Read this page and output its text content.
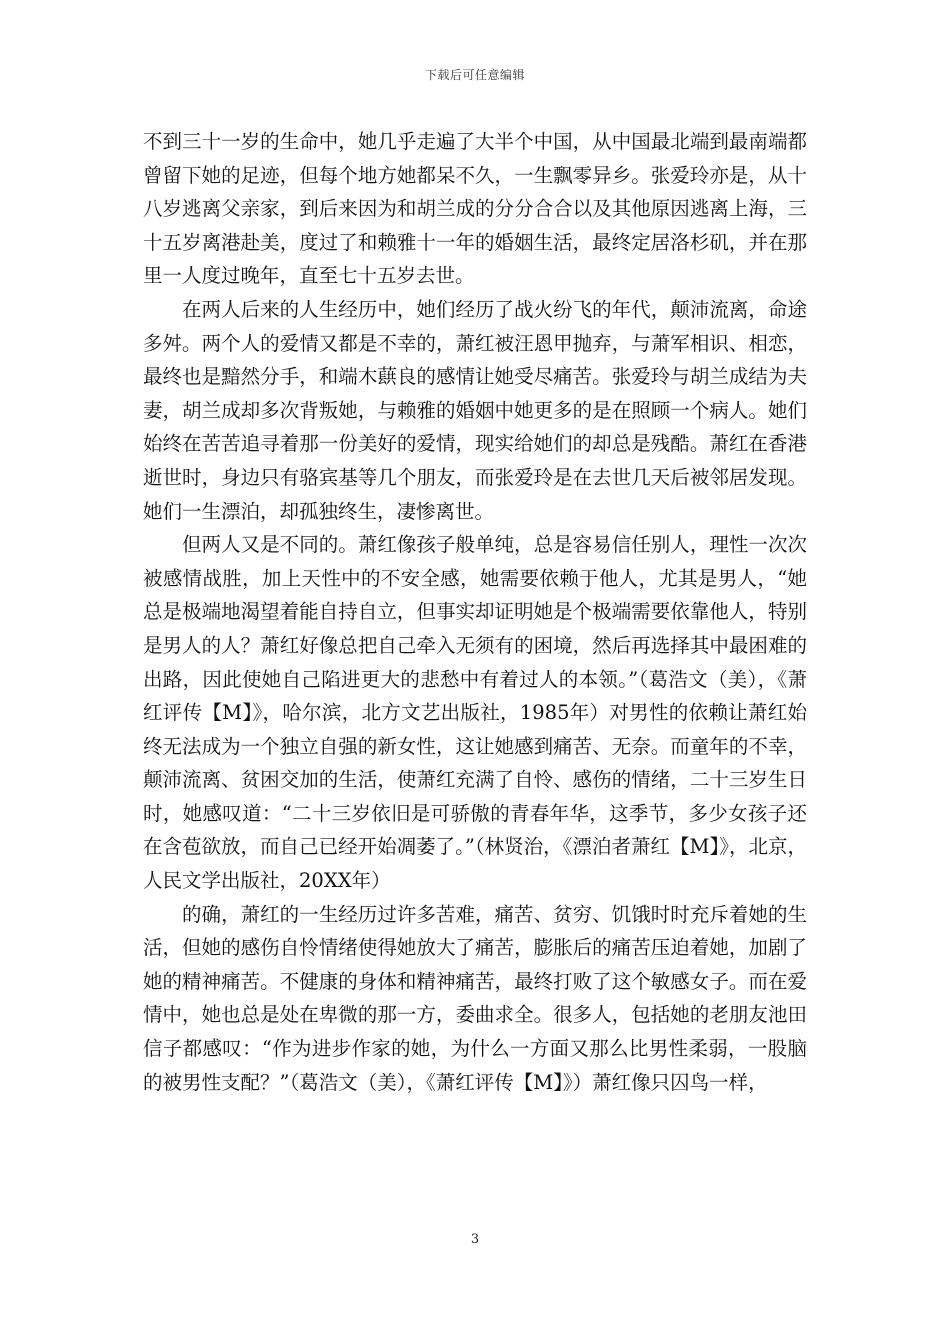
下载后可任意编辑

不到三十一岁的生命中，她几乎走遍了大半个中国，从中国最北端到最南端都曾留下她的足迹，但每个地方她都呆不久，一生飘零异乡。张爱玲亦是，从十八岁逃离父亲家，到后来因为和胡兰成的分分合合以及其他原因逃离上海，三十五岁离港赴美，度过了和赖雅十一年的婚姻生活，最终定居洛杉矶，并在那里一人度过晚年，直至七十五岁去世。

在两人后来的人生经历中，她们经历了战火纷飞的年代，颠沛流离，命途多舛。两个人的爱情又都是不幸的，萧红被汪恩甲抛弃，与萧军相识、相恋，最终也是黯然分手，和端木蕻良的感情让她受尽痛苦。张爱玲与胡兰成结为夫妻，胡兰成却多次背叛她，与赖雅的婚姻中她更多的是在照顾一个病人。她们始终在苦苦追寻着那一份美好的爱情，现实给她们的却总是残酷。萧红在香港逝世时，身边只有骆宾基等几个朋友，而张爱玲是在去世几天后被邻居发现。她们一生漂泊，却孤独终生，凄惨离世。

但两人又是不同的。萧红像孩子般单纯，总是容易信任别人，理性一次次被感情战胜，加上天性中的不安全感，她需要依赖于他人，尤其是男人，“她总是极端地渴望着能自持自立，但事实却证明她是个极端需要依靠他人，特别是男人的人？萧红好像总把自己牵入无须有的困境，然后再选择其中最困难的出路，因此使她自己陷进更大的悲愁中有着过人的本领。”（葛浩文（美），《萧红评传【M】》，哈尔滨，北方文艺出版社，1985年）对男性的依赖让萧红始终无法成为一个独立自强的新女性，这让她感到痛苦、无奈。而童年的不幸，颠沛流离、贫困交加的生活，使萧红充满了自怜、感伤的情绪，二十三岁生日时，她感叹道：“二十三岁依旧是可骄傲的青春年华，这季节，多少女孩子还在含苞欲放，而自己已经开始凋萎了。”（林贤治，《漂泊者萧红【M】》，北京，人民文学出版社，20XX年）

的确，萧红的一生经历过许多苦难，痛苦、贫穷、饥饿时时充斥着她的生活，但她的感伤自怜情绪使得她放大了痛苦，膨胀后的痛苦压迫着她，加剧了她的精神痛苦。不健康的身体和精神痛苦，最终打败了这个敏感女子。而在爱情中，她也总是处在卑微的那一方，委曲求全。很多人，包括她的老朋友池田信子都感叹：“作为进步作家的她，为什么一方面又那么比男性柔弱，一股脑的被男性支配？”（葛浩文（美），《萧红评传【M】》）萧红像只囚鸟一样，

3
